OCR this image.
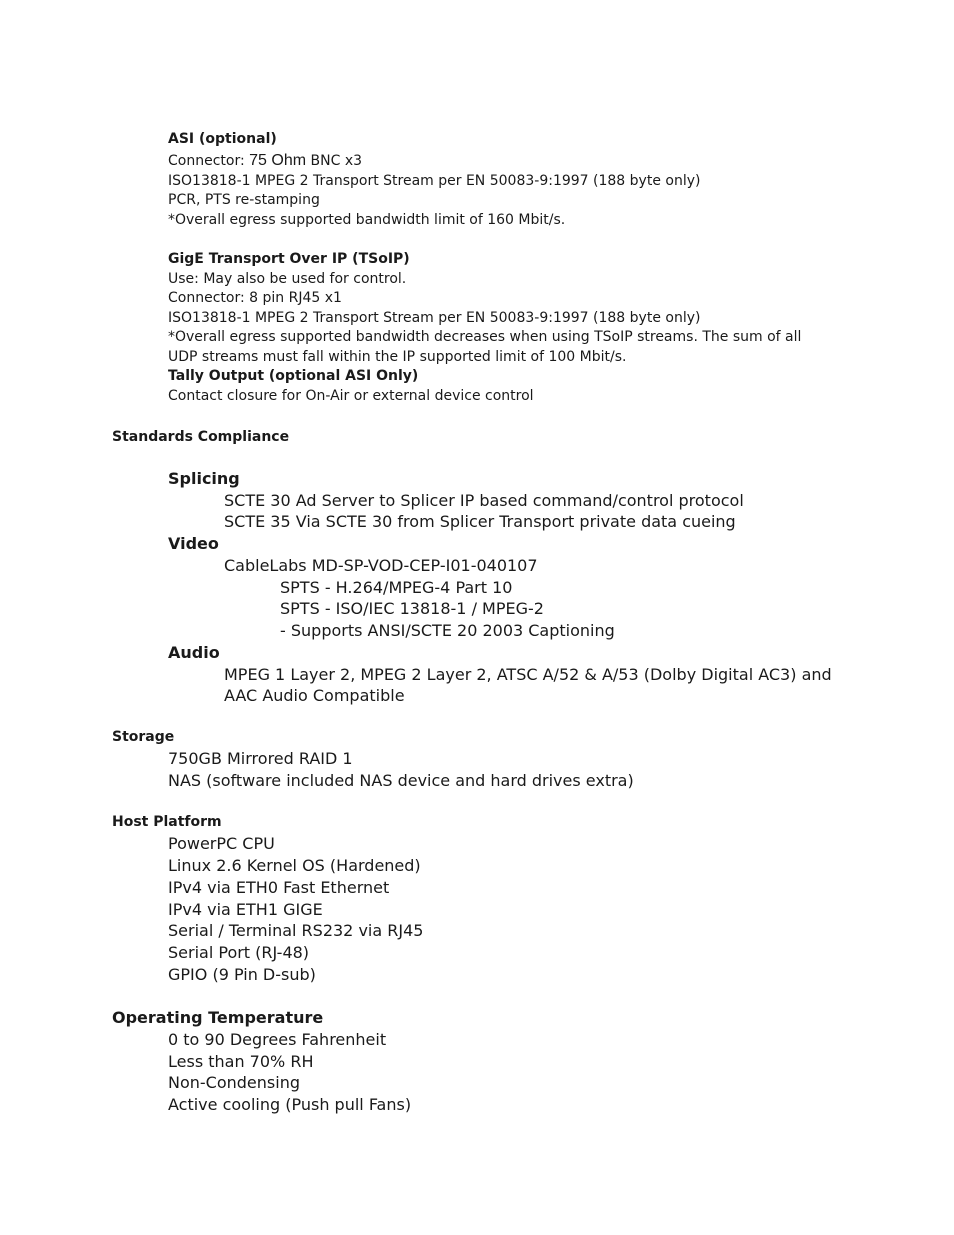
ASI (optional)
Connector: 75 Ohm BNC x3
ISO13818-1 MPEG 2 Transport Stream per EN 50083-9:1997 (188 byte only)
PCR, PTS re-stamping
*Overall egress supported bandwidth limit of 160 Mbit/s.
GigE Transport Over IP (TSoIP)
Use: May also be used for control.
Connector: 8 pin RJ45 x1
ISO13818-1 MPEG 2 Transport Stream per EN 50083-9:1997 (188 byte only)
*Overall egress supported bandwidth decreases when using TSoIP streams. The sum of all
UDP streams must fall within the IP supported limit of 100 Mbit/s.
Tally Output (optional ASI Only)
Contact closure for On-Air or external device control
Standards Compliance
Splicing
SCTE 30 Ad Server to Splicer IP based command/control protocol
SCTE 35 Via SCTE 30 from Splicer Transport private data cueing
Video
CableLabs MD-SP-VOD-CEP-I01-040107
SPTS - H.264/MPEG-4 Part 10
SPTS - ISO/IEC 13818-1 / MPEG-2
- Supports ANSI/SCTE 20 2003 Captioning
Audio
MPEG 1 Layer 2, MPEG 2 Layer 2, ATSC A/52 & A/53 (Dolby Digital AC3) and
AAC Audio Compatible
Storage
750GB Mirrored RAID 1
NAS (software included NAS device and hard drives extra)
Host Platform
PowerPC CPU
Linux 2.6 Kernel OS (Hardened)
IPv4 via ETH0 Fast Ethernet
IPv4 via ETH1 GIGE
Serial / Terminal RS232 via RJ45
Serial Port (RJ-48)
GPIO (9 Pin D-sub)
Operating Temperature
0 to 90 Degrees Fahrenheit
Less than 70% RH
Non-Condensing
Active cooling (Push pull Fans)
